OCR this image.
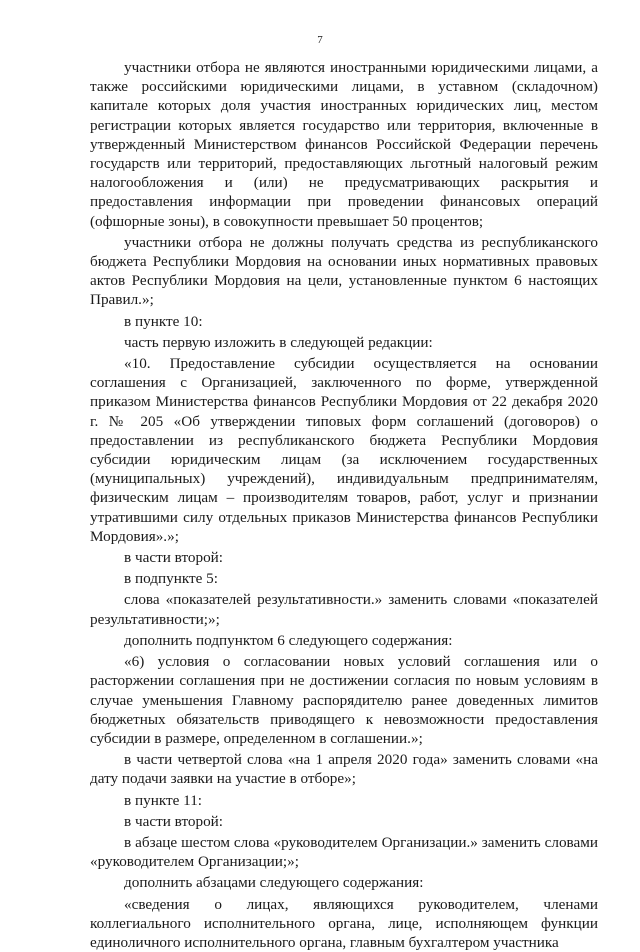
7

участники отбора не являются иностранными юридическими лицами, а также российскими юридическими лицами, в уставном (складочном) капитале которых доля участия иностранных юридических лиц, местом регистрации которых является государство или территория, включенные в утвержденный Министерством финансов Российской Федерации перечень государств или территорий, предоставляющих льготный налоговый режим налогообложения и (или) не предусматривающих раскрытия и предоставления информации при проведении финансовых операций (офшорные зоны), в совокупности превышает 50 процентов;

участники отбора не должны получать средства из республиканского бюджета Республики Мордовия на основании иных нормативных правовых актов Республики Мордовия на цели, установленные пунктом 6 настоящих Правил.»;

в пункте 10:

часть первую изложить в следующей редакции:

«10. Предоставление субсидии осуществляется на основании соглашения с Организацией, заключенного по форме, утвержденной приказом Министерства финансов Республики Мордовия от 22 декабря 2020 г. № 205 «Об утверждении типовых форм соглашений (договоров) о предоставлении из республиканского бюджета Республики Мордовия субсидии юридическим лицам (за исключением государственных (муниципальных) учреждений), индивидуальным предпринимателям, физическим лицам – производителям товаров, работ, услуг и признании утратившими силу отдельных приказов Министерства финансов Республики Мордовия».»;

в части второй:

в подпункте 5:

слова «показателей результативности.» заменить словами «показателей результативности;»;

дополнить подпунктом 6 следующего содержания:

«6) условия о согласовании новых условий соглашения или о расторжении соглашения при не достижении согласия по новым условиям в случае уменьшения Главному распорядителю ранее доведенных лимитов бюджетных обязательств приводящего к невозможности предоставления субсидии в размере, определенном в соглашении.»;

в части четвертой слова «на 1 апреля 2020 года» заменить словами «на дату подачи заявки на участие в отборе»;

в пункте 11:

в части второй:

в абзаце шестом слова «руководителем Организации.» заменить словами «руководителем Организации;»;

дополнить абзацами следующего содержания:

«сведения о лицах, являющихся руководителем, членами коллегиального исполнительного органа, лице, исполняющем функции единоличного исполнительного органа, главным бухгалтером участника
